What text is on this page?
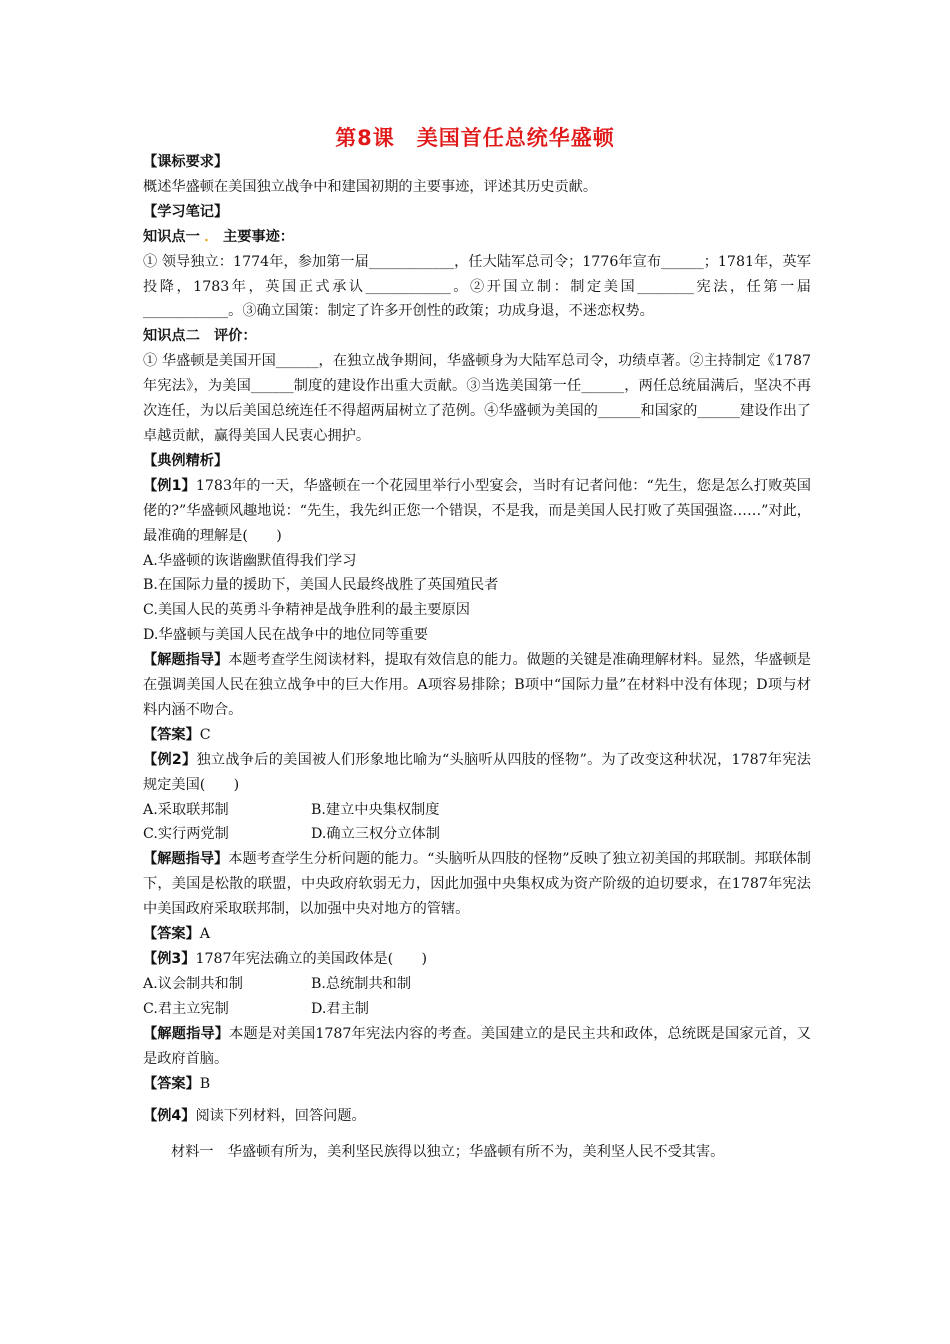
第8课　美国首任总统华盛顿

【课标要求】

概述华盛顿在美国独立战争中和建国初期的主要事迹，评述其历史贡献。

【学习笔记】

知识点一 ． 主要事迹：

① 领导独立：1774年，参加第一届____________，任大陆军总司令；1776年宣布______；1781年，英军投降，1783年，英国正式承认____________。②开国立制：制定美国________宪法，任第一届____________。③确立国策：制定了许多开创性的政策；功成身退，不迷恋权势。

知识点二　评价：

① 华盛顿是美国开国______，在独立战争期间，华盛顿身为大陆军总司令，功绩卓著。②主持制定《1787年宪法》，为美国______制度的建设作出重大贡献。③当选美国第一任______，两任总统届满后，坚决不再次连任，为以后美国总统连任不得超两届树立了范例。④华盛顿为美国的______和国家的______建设作出了卓越贡献，赢得美国人民衷心拥护。

【典例精析】

【例1】1783年的一天，华盛顿在一个花园里举行小型宴会，当时有记者问他：“先生，您是怎么打败英国佬的?”华盛顿风趣地说：“先生，我先纠正您一个错误，不是我，而是美国人民打败了英国强盗……”对此，最准确的理解是(　　)

A.华盛顿的诙谐幽默值得我们学习

B.在国际力量的援助下，美国人民最终战胜了英国殖民者

C.美国人民的英勇斗争精神是战争胜利的最主要原因

D.华盛顿与美国人民在战争中的地位同等重要

【解题指导】本题考查学生阅读材料，提取有效信息的能力。做题的关键是准确理解材料。显然，华盛顿是在强调美国人民在独立战争中的巨大作用。A项容易排除；B项中“国际力量”在材料中没有体现；D项与材料内涵不吻合。

【答案】C

【例2】独立战争后的美国被人们形象地比喻为“头脑听从四肢的怪物”。为了改变这种状况，1787年宪法规定美国(　　)

A.采取联邦制	B.建立中央集权制度
C.实行两党制	D.确立三权分立体制

【解题指导】本题考查学生分析问题的能力。“头脑听从四肢的怪物”反映了独立初美国的邦联制。邦联体制下，美国是松散的联盟，中央政府软弱无力，因此加强中央集权成为资产阶级的迫切要求，在1787年宪法中美国政府采取联邦制，以加强中央对地方的管辖。

【答案】A

【例3】1787年宪法确立的美国政体是(　　)

A.议会制共和制	B.总统制共和制
C.君主立宪制	D.君主制

【解题指导】本题是对美国1787年宪法内容的考查。美国建立的是民主共和政体，总统既是国家元首，又是政府首脑。

【答案】B

【例4】阅读下列材料，回答问题。

材料一　华盛顿有所为，美利坚民族得以独立；华盛顿有所不为，美利坚人民不受其害。
